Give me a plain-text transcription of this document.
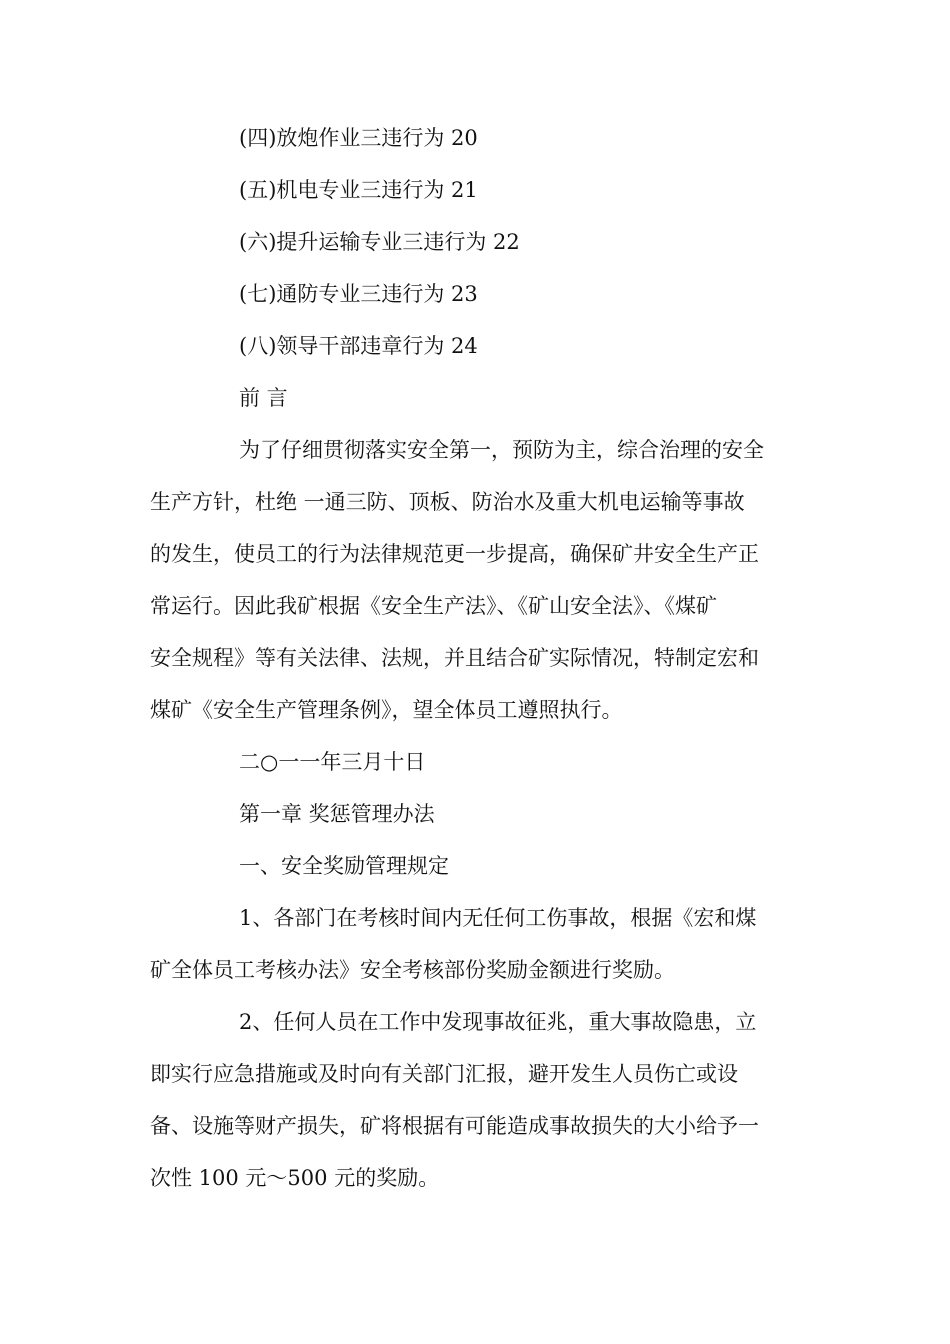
(四)放炮作业三违行为 20
(五)机电专业三违行为 21
(六)提升运输专业三违行为 22
(七)通防专业三违行为 23
(八)领导干部违章行为 24
前 言
为了仔细贯彻落实安全第一，预防为主，综合治理的安全
生产方针，杜绝 一通三防、顶板、防治水及重大机电运输等事故
的发生，使员工的行为法律规范更一步提高，确保矿井安全生产正
常运行。因此我矿根据《安全生产法》、《矿山安全法》、《煤矿
安全规程》等有关法律、法规，并且结合矿实际情况，特制定宏和
煤矿《安全生产管理条例》，望全体员工遵照执行。
二○一一年三月十日
第一章 奖惩管理办法
一、安全奖励管理规定
1、各部门在考核时间内无任何工伤事故，根据《宏和煤
矿全体员工考核办法》安全考核部份奖励金额进行奖励。
2、任何人员在工作中发现事故征兆，重大事故隐患，立
即实行应急措施或及时向有关部门汇报，避开发生人员伤亡或设
备、设施等财产损失，矿将根据有可能造成事故损失的大小给予一
次性 100 元～500 元的奖励。
